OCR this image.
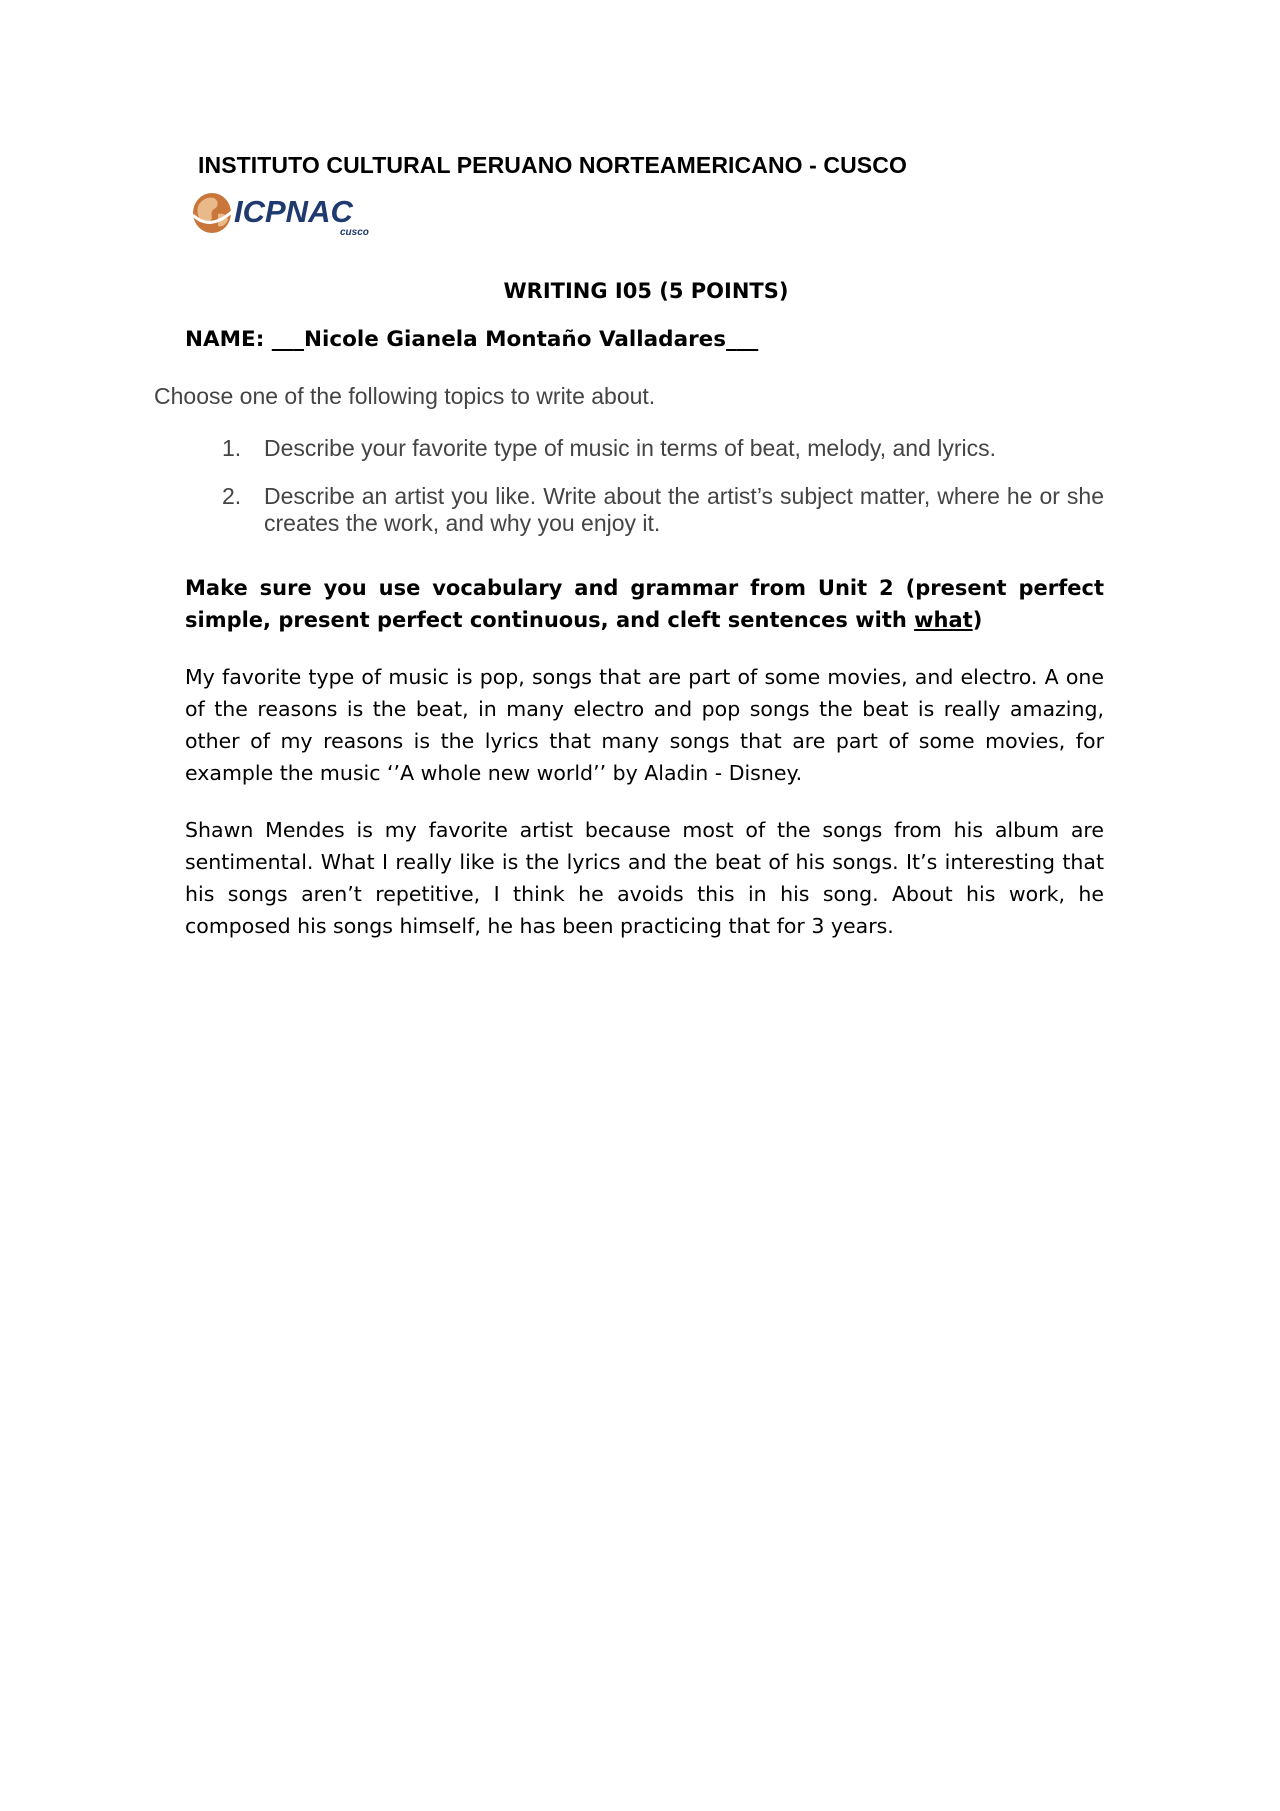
INSTITUTO CULTURAL PERUANO NORTEAMERICANO - CUSCO
ICPNAC
cusco
WRITING I05 (5 POINTS)
NAME: ___Nicole Gianela Montaño Valladares___
Choose one of the following topics to write about.
1. Describe your favorite type of music in terms of beat, melody, and lyrics.
2. Describe an artist you like. Write about the artist’s subject matter, where he or she creates the work, and why you enjoy it.
Make sure you use vocabulary and grammar from Unit 2 (present perfect simple, present perfect continuous, and cleft sentences with what)
My favorite type of music is pop, songs that are part of some movies, and electro. A one of the reasons is the beat, in many electro and pop songs the beat is really amazing, other of my reasons is the lyrics that many songs that are part of some movies, for example the music ‘’A whole new world’’ by Aladin - Disney.
Shawn Mendes is my favorite artist because most of the songs from his album are sentimental. What I really like is the lyrics and the beat of his songs. It’s interesting that his songs aren’t repetitive, I think he avoids this in his song. About his work, he composed his songs himself, he has been practicing that for 3 years.
